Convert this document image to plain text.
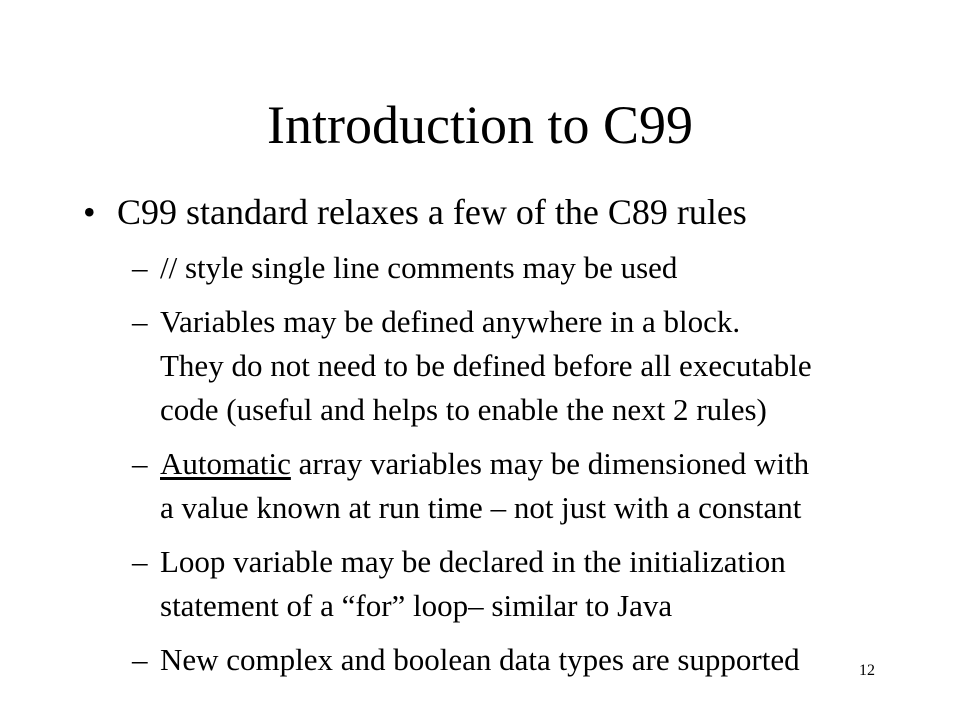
Introduction to C99
• C99 standard relaxes a few of the C89 rules
– // style single line comments may be used
– Variables may be defined anywhere in a block.
They do not need to be defined before all executable
code (useful and helps to enable the next 2 rules)
– Automatic array variables may be dimensioned with
a value known at run time – not just with a constant
– Loop variable may be declared in the initialization
statement of a “for” loop– similar to Java
– New complex and boolean data types are supported	12
